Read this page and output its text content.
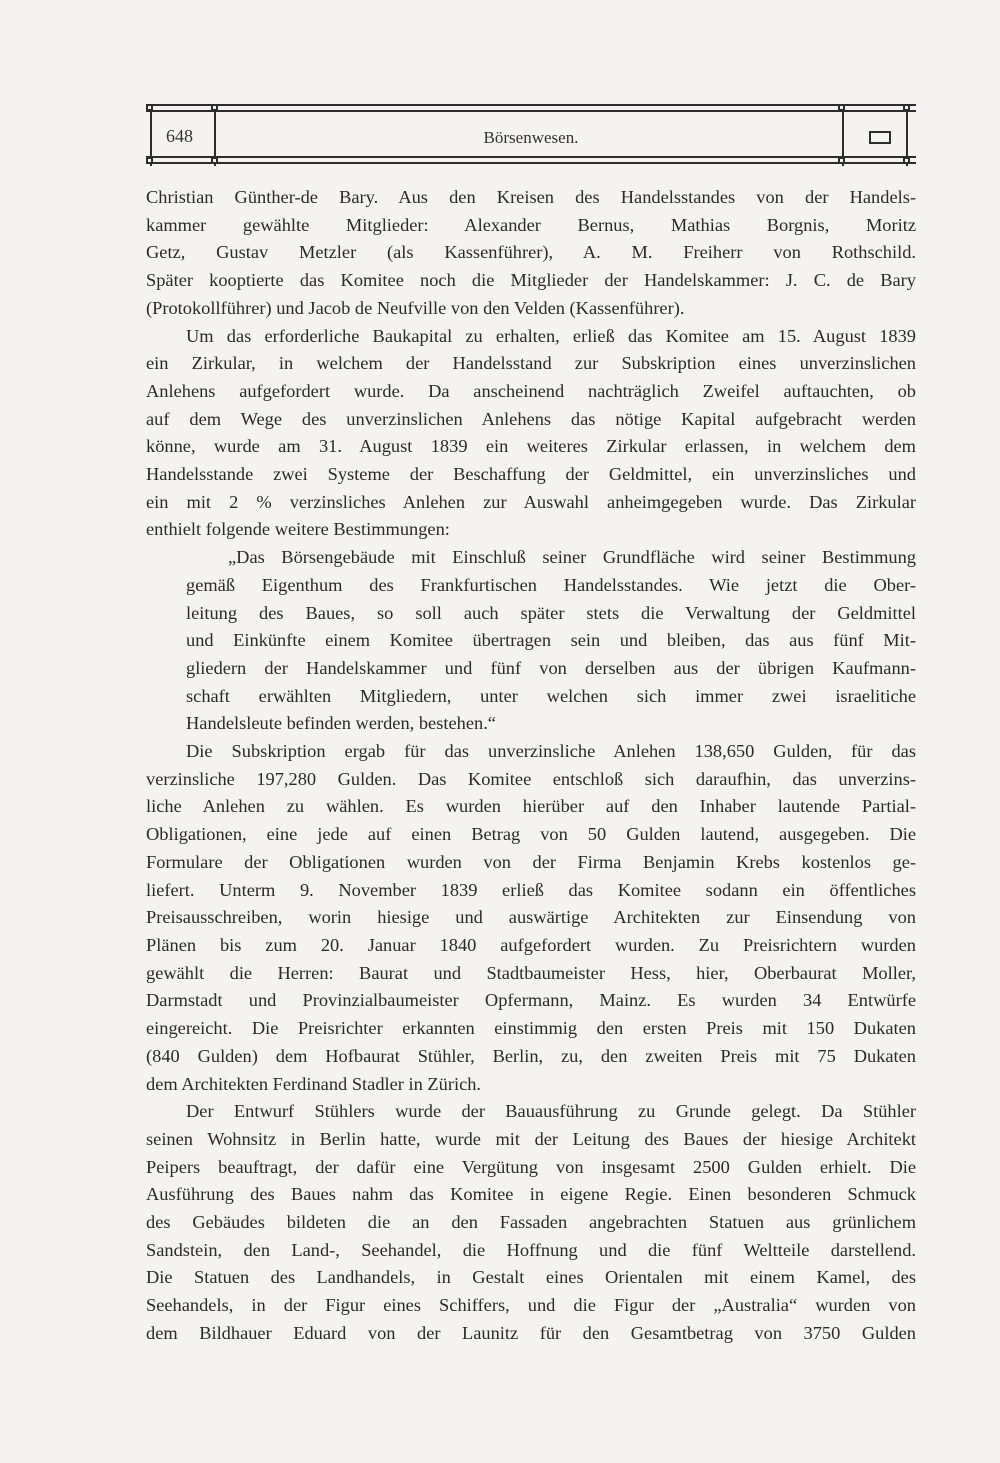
648	Börsenwesen.

Christian Günther-de Bary. Aus den Kreisen des Handelsstandes von der Handels-
kammer gewählte Mitglieder: Alexander Bernus, Mathias Borgnis, Moritz
Getz, Gustav Metzler (als Kassenführer), A. M. Freiherr von Rothschild.
Später kooptierte das Komitee noch die Mitglieder der Handelskammer: J. C. de Bary
(Protokollführer) und Jacob de Neufville von den Velden (Kassenführer).

Um das erforderliche Baukapital zu erhalten, erließ das Komitee am 15. August 1839
ein Zirkular, in welchem der Handelsstand zur Subskription eines unverzinslichen
Anlehens aufgefordert wurde. Da anscheinend nachträglich Zweifel auftauchten, ob
auf dem Wege des unverzinslichen Anlehens das nötige Kapital aufgebracht werden
könne, wurde am 31. August 1839 ein weiteres Zirkular erlassen, in welchem dem
Handelsstande zwei Systeme der Beschaffung der Geldmittel, ein unverzinsliches und
ein mit 2 % verzinsliches Anlehen zur Auswahl anheimgegeben wurde. Das Zirkular
enthielt folgende weitere Bestimmungen:

„Das Börsengebäude mit Einschluß seiner Grundfläche wird seiner Bestimmung
gemäß Eigenthum des Frankfurtischen Handelsstandes. Wie jetzt die Ober-
leitung des Baues, so soll auch später stets die Verwaltung der Geldmittel
und Einkünfte einem Komitee übertragen sein und bleiben, das aus fünf Mit-
gliedern der Handelskammer und fünf von derselben aus der übrigen Kaufmann-
schaft erwählten Mitgliedern, unter welchen sich immer zwei israelitiche
Handelsleute befinden werden, bestehen.“

Die Subskription ergab für das unverzinsliche Anlehen 138,650 Gulden, für das
verzinsliche 197,280 Gulden. Das Komitee entschloß sich daraufhin, das unverzins-
liche Anlehen zu wählen. Es wurden hierüber auf den Inhaber lautende Partial-
Obligationen, eine jede auf einen Betrag von 50 Gulden lautend, ausgegeben. Die
Formulare der Obligationen wurden von der Firma Benjamin Krebs kostenlos ge-
liefert. Unterm 9. November 1839 erließ das Komitee sodann ein öffentliches
Preisausschreiben, worin hiesige und auswärtige Architekten zur Einsendung von
Plänen bis zum 20. Januar 1840 aufgefordert wurden. Zu Preisrichtern wurden
gewählt die Herren: Baurat und Stadtbaumeister Hess, hier, Oberbaurat Moller,
Darmstadt und Provinzialbaumeister Opfermann, Mainz. Es wurden 34 Entwürfe
eingereicht. Die Preisrichter erkannten einstimmig den ersten Preis mit 150 Dukaten
(840 Gulden) dem Hofbaurat Stühler, Berlin, zu, den zweiten Preis mit 75 Dukaten
dem Architekten Ferdinand Stadler in Zürich.

Der Entwurf Stühlers wurde der Bauausführung zu Grunde gelegt. Da Stühler
seinen Wohnsitz in Berlin hatte, wurde mit der Leitung des Baues der hiesige Architekt
Peipers beauftragt, der dafür eine Vergütung von insgesamt 2500 Gulden erhielt. Die
Ausführung des Baues nahm das Komitee in eigene Regie. Einen besonderen Schmuck
des Gebäudes bildeten die an den Fassaden angebrachten Statuen aus grünlichem
Sandstein, den Land-, Seehandel, die Hoffnung und die fünf Weltteile darstellend.
Die Statuen des Landhandels, in Gestalt eines Orientalen mit einem Kamel, des
Seehandels, in der Figur eines Schiffers, und die Figur der „Australia“ wurden von
dem Bildhauer Eduard von der Launitz für den Gesamtbetrag von 3750 Gulden
